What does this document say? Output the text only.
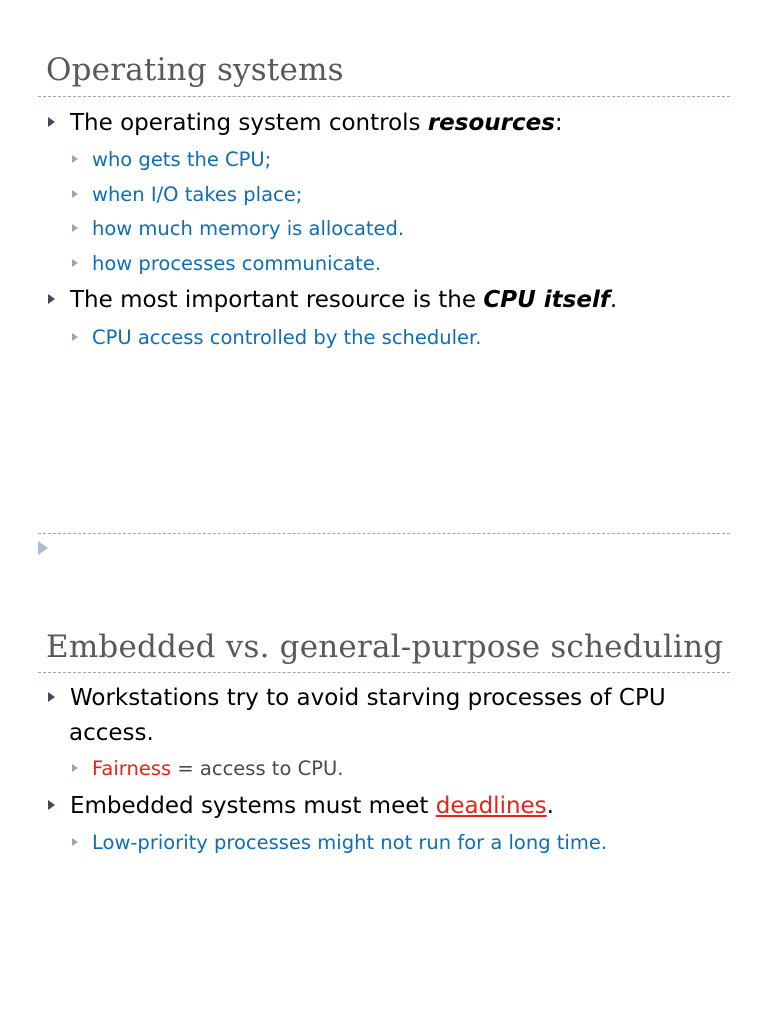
Operating systems
The operating system controls resources:
who gets the CPU;
when I/O takes place;
how much memory is allocated.
how processes communicate.
The most important resource is the CPU itself.
CPU access controlled by the scheduler.
Embedded vs. general-purpose scheduling
Workstations try to avoid starving processes of CPU
access.
Fairness = access to CPU.
Embedded systems must meet deadlines.
Low-priority processes might not run for a long time.
